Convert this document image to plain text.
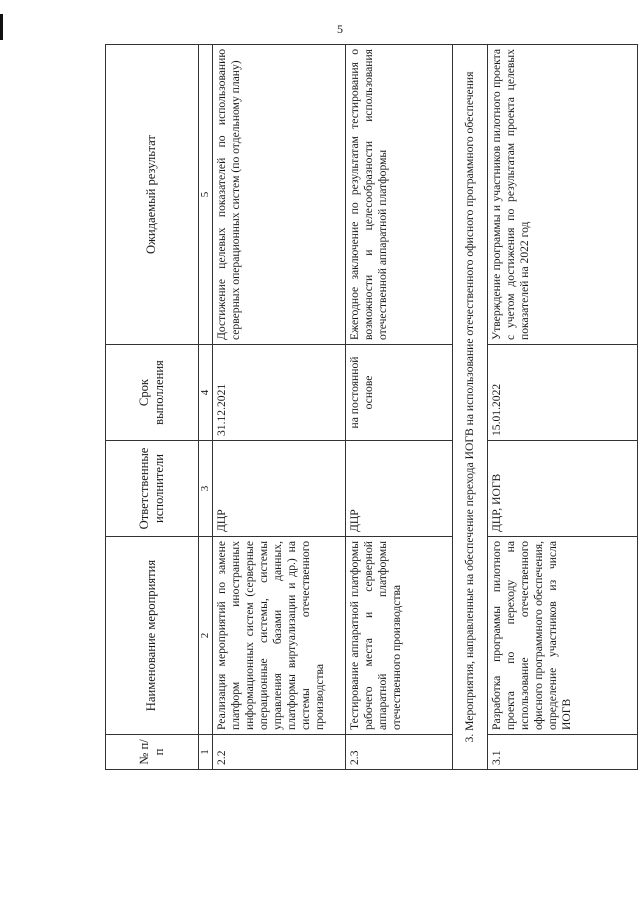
5
№ п/п	Наименование мероприятия	Ответственные исполнители	Срок выполления	Ожидаемый результат
1	2	3	4	5
2.2	Реализация мероприятий по замене платформ иностранных информационных систем (серверные операционные системы, системы управления базами данных, платформы виртуализации и др.) на системы отечественного производства	ДЦР	31.12.2021	Достижение целевых показателей по использованию серверных операционных систем (по отдельному плану)
2.3	Тестирование аппаратной платформы рабочего места и серверной аппаратной платформы отечественного производства	ДЦР	на постоянной основе	Ежегодное заключение по результатам тестирования о возможности и целесообразности использования отечественной аппаратной платформы
3. Мероприятия, направленные на обеспечение перехода ИОГВ на использование отечественного офисного программного обеспечения				
3.1	Разработка программы пилотного проекта по переходу на использование отечественного офисного программного обеспечения, определение участников из числа ИОГВ	ДЦР, ИОГВ	15.01.2022	Утверждение программы и участников пилотного проекта с учетом достижения по результатам проекта целевых показателей на 2022 год
